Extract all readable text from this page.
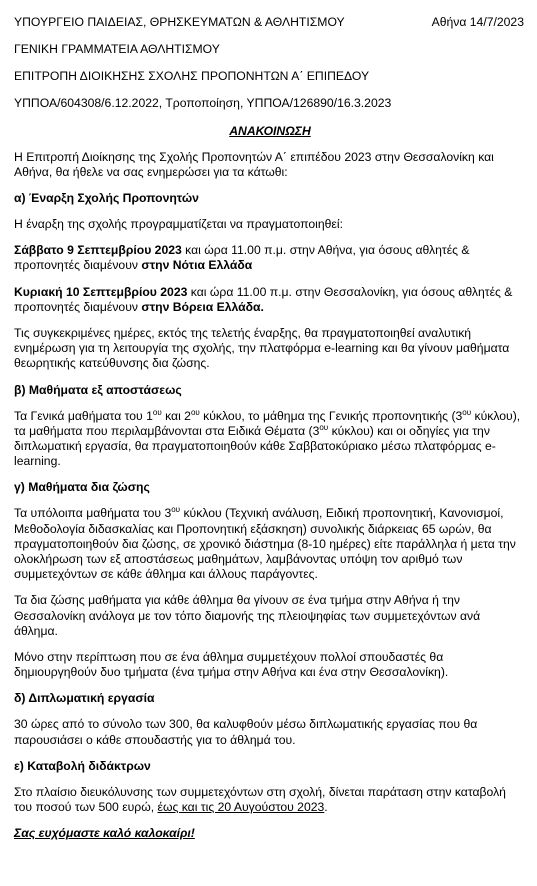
ΥΠΟΥΡΓΕΙΟ ΠΑΙΔΕΙΑΣ, ΘΡΗΣΚΕΥΜΑΤΩΝ & ΑΘΛΗΤΙΣΜΟΥ	Αθήνα 14/7/2023

ΓΕΝΙΚΗ ΓΡΑΜΜΑΤΕΙΑ ΑΘΛΗΤΙΣΜΟΥ

ΕΠΙΤΡΟΠΗ ΔΙΟΙΚΗΣΗΣ ΣΧΟΛΗΣ ΠΡΟΠΟΝΗΤΩΝ Α΄ ΕΠΙΠΕΔΟΥ

ΥΠΠΟΑ/604308/6.12.2022, Τροποποίηση, ΥΠΠΟΑ/126890/16.3.2023

ΑΝΑΚΟΙΝΩΣΗ

Η Επιτροπή Διοίκησης της Σχολής Προπονητών Α΄ επιπέδου 2023 στην Θεσσαλονίκη και Αθήνα, θα ήθελε να σας ενημερώσει για τα κάτωθι:

α) Έναρξη Σχολής Προπονητών

Η έναρξη της σχολής προγραμματίζεται να πραγματοποιηθεί:

Σάββατο 9 Σεπτεμβρίου 2023 και ώρα 11.00 π.μ. στην Αθήνα, για όσους αθλητές & προπονητές διαμένουν στην Νότια Ελλάδα

Κυριακή 10 Σεπτεμβρίου 2023 και ώρα 11.00 π.μ. στην Θεσσαλονίκη, για όσους αθλητές & προπονητές διαμένουν στην Βόρεια Ελλάδα.

Τις συγκεκριμένες ημέρες, εκτός της τελετής έναρξης, θα πραγματοποιηθεί αναλυτική ενημέρωση για τη λειτουργία της σχολής, την πλατφόρμα e-learning και θα γίνουν μαθήματα θεωρητικής κατεύθυνσης δια ζώσης.

β) Μαθήματα εξ αποστάσεως

Τα Γενικά μαθήματα του $1^{o\upsilon}$ και $2^{o\upsilon}$ κύκλου, το μάθημα της Γενικής προπονητικής ($3^{o\upsilon}$ κύκλου), τα μαθήματα που περιλαμβάνονται στα Ειδικά Θέματα ($3^{o\upsilon}$ κύκλου) και οι οδηγίες για την διπλωματική εργασία, θα πραγματοποιηθούν κάθε Σαββατοκύριακο μέσω πλατφόρμας e-learning.

γ) Μαθήματα δια ζώσης

Τα υπόλοιπα μαθήματα του $3^{o\upsilon}$ κύκλου (Τεχνική ανάλυση, Ειδική προπονητική, Κανονισμοί, Μεθοδολογία διδασκαλίας και Προπονητική εξάσκηση) συνολικής διάρκειας 65 ωρών, θα πραγματοποιηθούν δια ζώσης, σε χρονικό διάστημα (8-10 ημέρες) είτε παράλληλα ή μετα την ολοκλήρωση των εξ αποστάσεως μαθημάτων, λαμβάνοντας υπόψη τον αριθμό των συμμετεχόντων σε κάθε άθλημα και άλλους παράγοντες.

Τα δια ζώσης μαθήματα για κάθε άθλημα θα γίνουν σε ένα τμήμα στην Αθήνα ή την Θεσσαλονίκη ανάλογα με τον τόπο διαμονής της πλειοψηφίας των συμμετεχόντων ανά άθλημα.

Μόνο στην περίπτωση που σε ένα άθλημα συμμετέχουν πολλοί σπουδαστές θα δημιουργηθούν δυο τμήματα (ένα τμήμα στην Αθήνα και ένα στην Θεσσαλονίκη).

δ) Διπλωματική εργασία

30 ώρες από το σύνολο των 300, θα καλυφθούν μέσω διπλωματικής εργασίας που θα παρουσιάσει ο κάθε σπουδαστής για το άθλημά του.

ε) Καταβολή διδάκτρων

Στο πλαίσιο διευκόλυνσης των συμμετεχόντων στη σχολή, δίνεται παράταση στην καταβολή του ποσού των 500 ευρώ, έως και τις 20 Αυγούστου 2023.

Σας ευχόμαστε καλό καλοκαίρι!
